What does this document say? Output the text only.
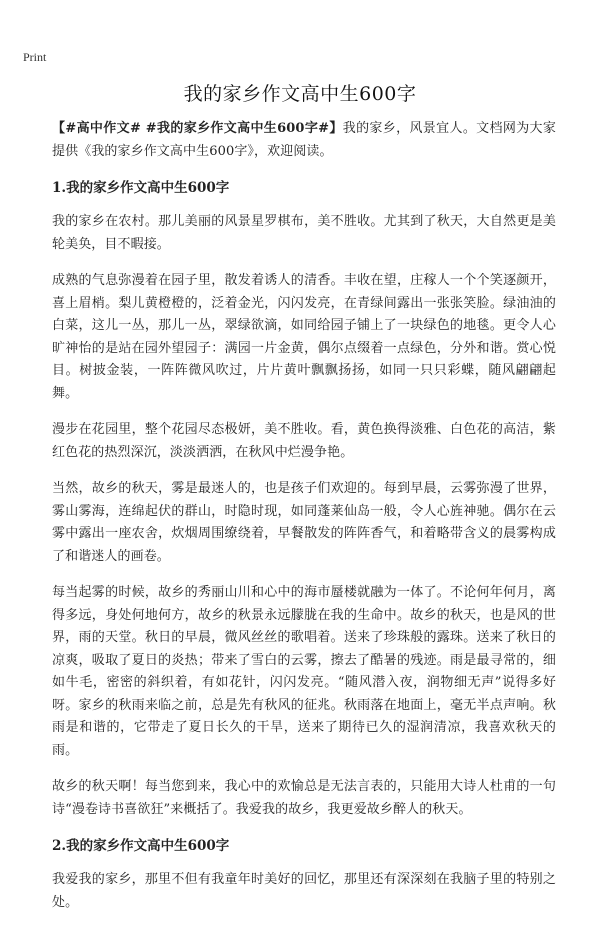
Print
我的家乡作文高中生600字

【#高中作文# #我的家乡作文高中生600字#】我的家乡，风景宜人。文档网为大家提供《我的家乡作文高中生600字》，欢迎阅读。

1.我的家乡作文高中生600字

我的家乡在农村。那儿美丽的风景星罗棋布，美不胜收。尤其到了秋天，大自然更是美轮美奂，目不暇接。

成熟的气息弥漫着在园子里，散发着诱人的清香。丰收在望，庄稼人一个个笑逐颜开，喜上眉梢。梨儿黄橙橙的，泛着金光，闪闪发亮，在青绿间露出一张张笑脸。绿油油的白菜，这儿一丛，那儿一丛，翠绿欲滴，如同给园子铺上了一块绿色的地毯。更令人心旷神怡的是站在园外望园子：满园一片金黄，偶尔点缀着一点绿色，分外和谐。赏心悦目。树披金装，一阵阵微风吹过，片片黄叶飘飘扬扬，如同一只只彩蝶，随风翩翩起舞。

漫步在花园里，整个花园尽态极妍，美不胜收。看，黄色换得淡雅、白色花的高洁，紫红色花的热烈深沉，淡淡洒洒，在秋风中烂漫争艳。

当然，故乡的秋天，雾是最迷人的，也是孩子们欢迎的。每到早晨，云雾弥漫了世界，雾山雾海，连绵起伏的群山，时隐时现，如同蓬莱仙岛一般，令人心旌神驰。偶尔在云雾中露出一座农舍，炊烟周围缭绕着，早餐散发的阵阵香气，和着略带含义的晨雾构成了和谐迷人的画卷。

每当起雾的时候，故乡的秀丽山川和心中的海市蜃楼就融为一体了。不论何年何月，离得多远，身处何地何方，故乡的秋景永远朦胧在我的生命中。故乡的秋天，也是风的世界，雨的天堂。秋日的早晨，微风丝丝的歌唱着。送来了珍珠般的露珠。送来了秋日的凉爽，吸取了夏日的炎热；带来了雪白的云雾，擦去了酷暑的残迹。雨是最寻常的，细如牛毛，密密的斜织着，有如花针，闪闪发亮。“随风潜入夜，润物细无声”说得多好呀。家乡的秋雨来临之前，总是先有秋风的征兆。秋雨落在地面上，毫无半点声响。秋雨是和谐的，它带走了夏日长久的干旱，送来了期待已久的湿润清凉，我喜欢秋天的雨。

故乡的秋天啊！每当您到来，我心中的欢愉总是无法言表的，只能用大诗人杜甫的一句诗“漫卷诗书喜欲狂”来概括了。我爱我的故乡，我更爱故乡醉人的秋天。

2.我的家乡作文高中生600字

我爱我的家乡，那里不但有我童年时美好的回忆，那里还有深深刻在我脑子里的特别之处。
